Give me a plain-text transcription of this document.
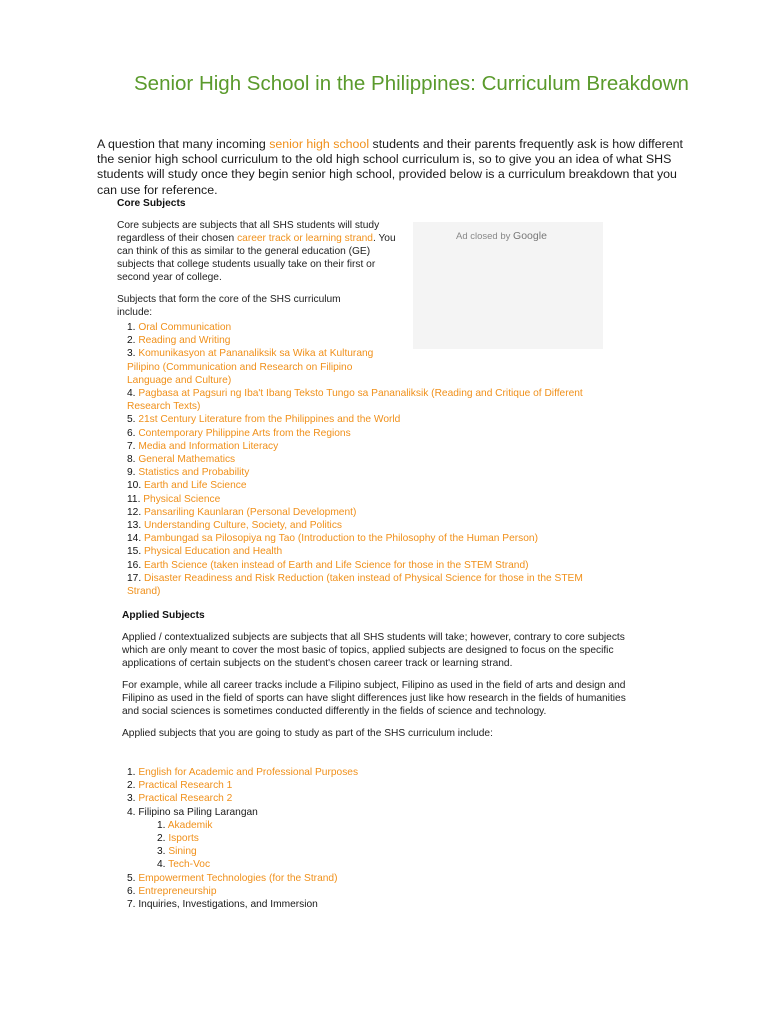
Senior High School in the Philippines: Curriculum Breakdown

A question that many incoming senior high school students and their parents frequently ask is how different the senior high school curriculum to the old high school curriculum is, so to give you an idea of what SHS students will study once they begin senior high school, provided below is a curriculum breakdown that you can use for reference.

Ad closed by Google

Core Subjects

Core subjects are subjects that all SHS students will study regardless of their chosen career track or learning strand. You can think of this as similar to the general education (GE) subjects that college students usually take on their first or second year of college.

Subjects that form the core of the SHS curriculum include:

1. Oral Communication
2. Reading and Writing
3. Komunikasyon at Pananaliksik sa Wika at Kulturang Pilipino (Communication and Research on Filipino Language and Culture)
4. Pagbasa at Pagsuri ng Iba't Ibang Teksto Tungo sa Pananaliksik (Reading and Critique of Different Research Texts)
5. 21st Century Literature from the Philippines and the World
6. Contemporary Philippine Arts from the Regions
7. Media and Information Literacy
8. General Mathematics
9. Statistics and Probability
10. Earth and Life Science
11. Physical Science
12. Pansariling Kaunlaran (Personal Development)
13. Understanding Culture, Society, and Politics
14. Pambungad sa Pilosopiya ng Tao (Introduction to the Philosophy of the Human Person)
15. Physical Education and Health
16. Earth Science (taken instead of Earth and Life Science for those in the STEM Strand)
17. Disaster Readiness and Risk Reduction (taken instead of Physical Science for those in the STEM Strand)

Applied Subjects

Applied / contextualized subjects are subjects that all SHS students will take; however, contrary to core subjects which are only meant to cover the most basic of topics, applied subjects are designed to focus on the specific applications of certain subjects on the student's chosen career track or learning strand.

For example, while all career tracks include a Filipino subject, Filipino as used in the field of arts and design and Filipino as used in the field of sports can have slight differences just like how research in the fields of humanities and social sciences is sometimes conducted differently in the fields of science and technology.

Applied subjects that you are going to study as part of the SHS curriculum include:

1. English for Academic and Professional Purposes
2. Practical Research 1
3. Practical Research 2
4. Filipino sa Piling Larangan
1. Akademik
2. Isports
3. Sining
4. Tech-Voc
5. Empowerment Technologies (for the Strand)
6. Entrepreneurship
7. Inquiries, Investigations, and Immersion
